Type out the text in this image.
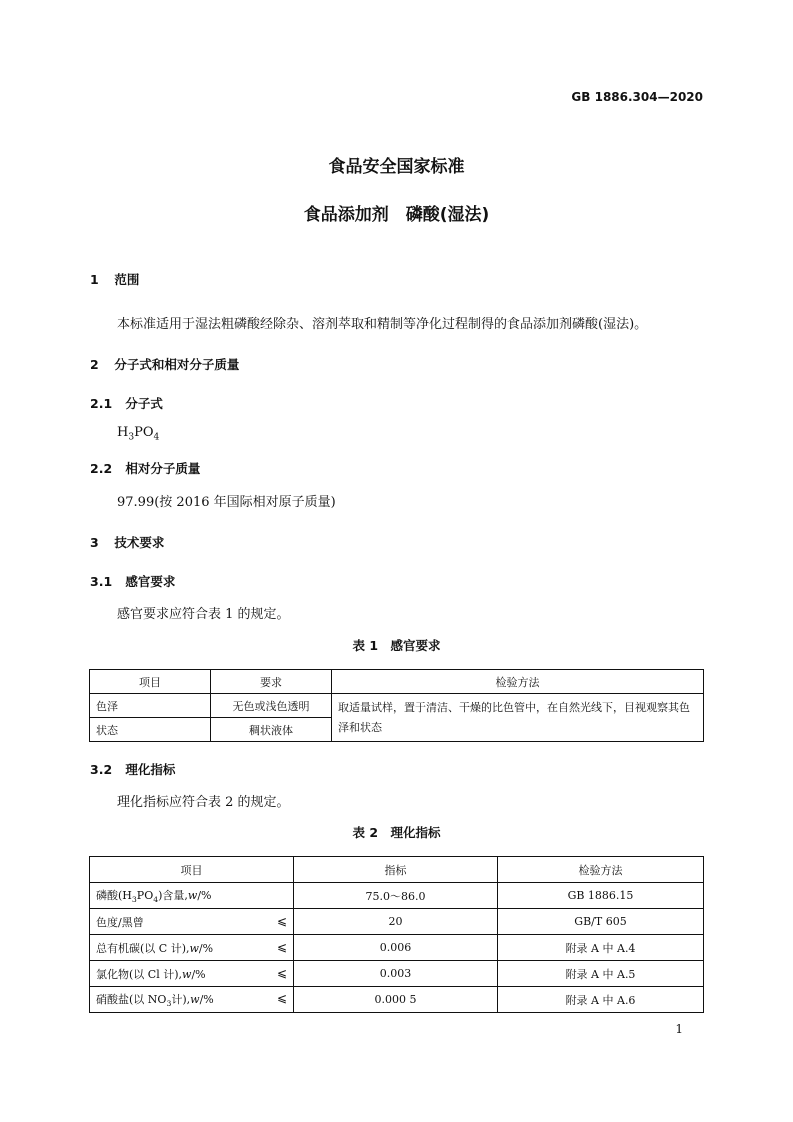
GB 1886.304—2020
食品安全国家标准
食品添加剂　磷酸(湿法)
1 范围
本标准适用于湿法粗磷酸经除杂、溶剂萃取和精制等净化过程制得的食品添加剂磷酸(湿法)。
2 分子式和相对分子质量
2.1 分子式
$H_3PO_4$
2.2 相对分子质量
97.99(按 2016 年国际相对原子质量)
3 技术要求
3.1 感官要求
感官要求应符合表 1 的规定。
表 1　感官要求
项目	要求	检验方法
色泽	无色或浅色透明	取适量试样，置于清洁、干燥的比色管中，在自然光线下，目视观察其色泽和状态
状态	稠状液体	
3.2 理化指标
理化指标应符合表 2 的规定。
表 2　理化指标
项目	指标	检验方法
磷酸$(H_3PO_4)$含量,w/%	75.0～86.0	GB 1886.15
色度/黑曾 ⩽	20	GB/T 605
总有机碳(以 C 计),w/% ⩽	0.006	附录 A 中 A.4
氯化物(以 Cl 计),w/% ⩽	0.003	附录 A 中 A.5
硝酸盐(以 $NO_3$计),w/% ⩽	0.000 5	附录 A 中 A.6
1
